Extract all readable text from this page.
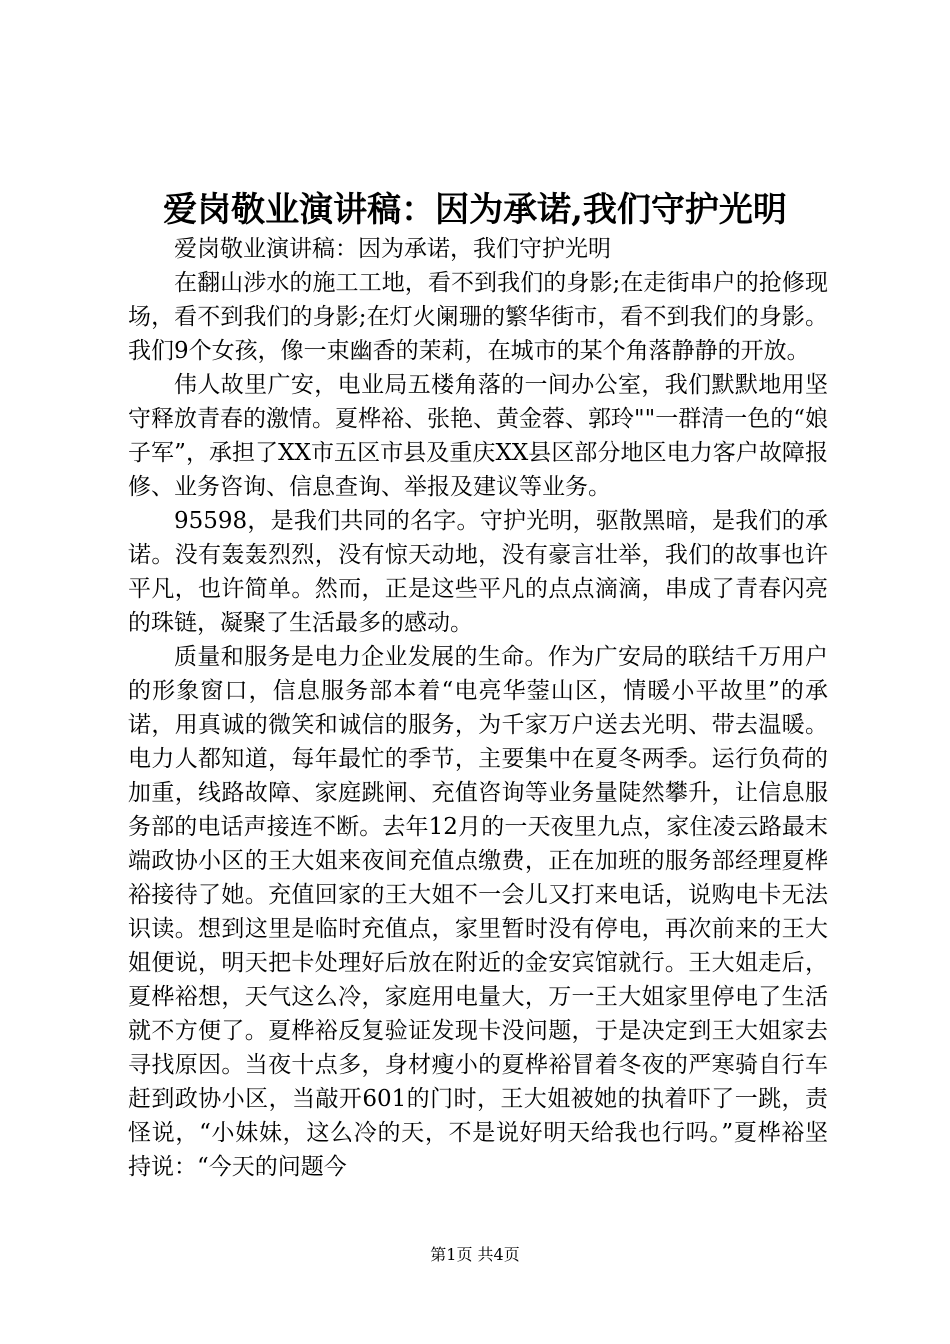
爱岗敬业演讲稿：因为承诺,我们守护光明

爱岗敬业演讲稿：因为承诺，我们守护光明

在翻山涉水的施工工地，看不到我们的身影;在走街串户的抢修现场，看不到我们的身影;在灯火阑珊的繁华街市，看不到我们的身影。我们9个女孩，像一束幽香的茉莉，在城市的某个角落静静的开放。

伟人故里广安，电业局五楼角落的一间办公室，我们默默地用坚守释放青春的激情。夏桦裕、张艳、黄金蓉、郭玲""一群清一色的“娘子军”，承担了XX市五区市县及重庆XX县区部分地区电力客户故障报修、业务咨询、信息查询、举报及建议等业务。

95598，是我们共同的名字。守护光明，驱散黑暗，是我们的承诺。没有轰轰烈烈，没有惊天动地，没有豪言壮举，我们的故事也许平凡，也许简单。然而，正是这些平凡的点点滴滴，串成了青春闪亮的珠链，凝聚了生活最多的感动。

质量和服务是电力企业发展的生命。作为广安局的联结千万用户的形象窗口，信息服务部本着“电亮华蓥山区，情暖小平故里”的承诺，用真诚的微笑和诚信的服务，为千家万户送去光明、带去温暖。电力人都知道，每年最忙的季节，主要集中在夏冬两季。运行负荷的加重，线路故障、家庭跳闸、充值咨询等业务量陡然攀升，让信息服务部的电话声接连不断。去年12月的一天夜里九点，家住凌云路最末端政协小区的王大姐来夜间充值点缴费，正在加班的服务部经理夏桦裕接待了她。充值回家的王大姐不一会儿又打来电话，说购电卡无法识读。想到这里是临时充值点，家里暂时没有停电，再次前来的王大姐便说，明天把卡处理好后放在附近的金安宾馆就行。王大姐走后，夏桦裕想，天气这么冷，家庭用电量大，万一王大姐家里停电了生活就不方便了。夏桦裕反复验证发现卡没问题，于是决定到王大姐家去寻找原因。当夜十点多，身材瘦小的夏桦裕冒着冬夜的严寒骑自行车赶到政协小区，当敲开601的门时，王大姐被她的执着吓了一跳，责怪说，“小妹妹，这么冷的天，不是说好明天给我也行吗。”夏桦裕坚持说：“今天的问题今

第1页 共4页
